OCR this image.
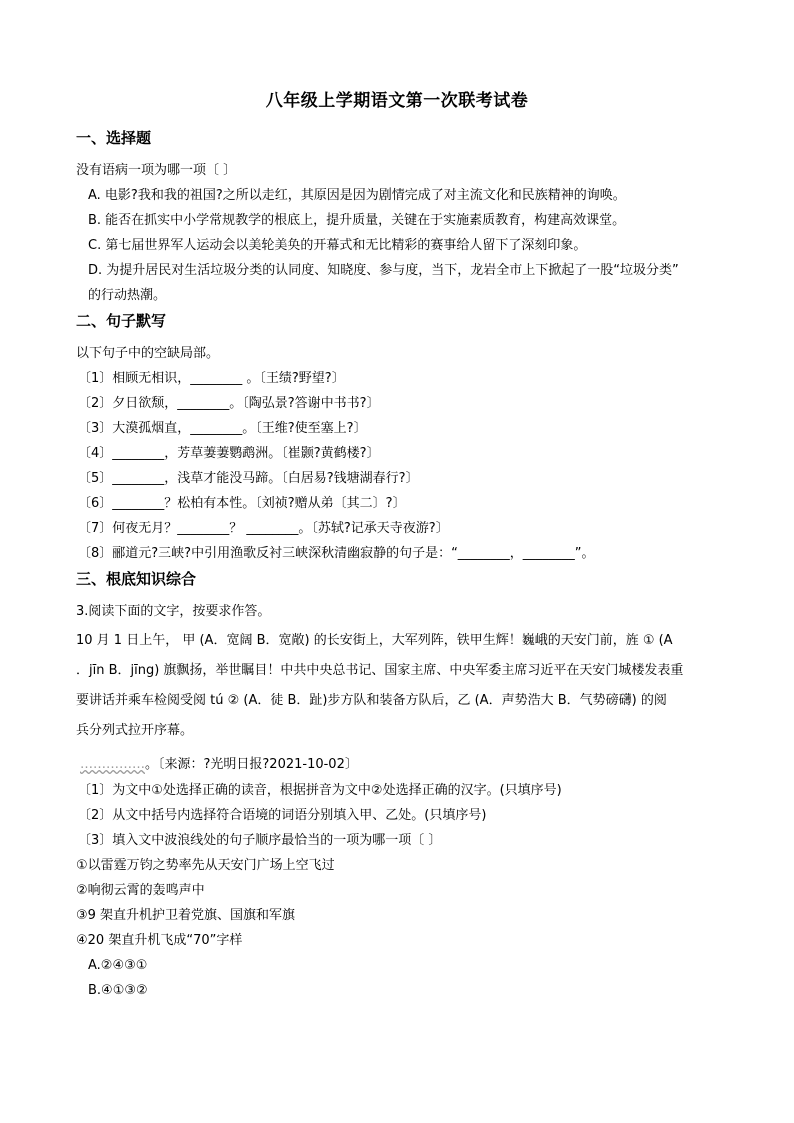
八年级上学期语文第一次联考试卷
一、选择题
没有语病一项为哪一项〔 〕
A. 电影?我和我的祖国?之所以走红，其原因是因为剧情完成了对主流文化和民族精神的询唤。
B. 能否在抓实中小学常规教学的根底上，提升质量，关键在于实施素质教育，构建高效课堂。
C. 第七届世界军人运动会以美轮美奂的开幕式和无比精彩的赛事给人留下了深刻印象。
D. 为提升居民对生活垃圾分类的认同度、知晓度、参与度，当下，龙岩全市上下掀起了一股“垃圾分类”
的行动热潮。
二、句子默写
以下句子中的空缺局部。
〔1〕相顾无相识，________ 。〔王绩?野望?〕
〔2〕夕日欲颓，________。〔陶弘景?答谢中书书?〕
〔3〕大漠孤烟直，________。〔王维?使至塞上?〕
〔4〕________，芳草萋萋鹦鹉洲。〔崔颢?黄鹤楼?〕
〔5〕________，浅草才能没马蹄。〔白居易?钱塘湖春行?〕
〔6〕________？松柏有本性。〔刘祯?赠从弟〔其二〕?〕
〔7〕何夜无月？________？ ________。〔苏轼?记承天寺夜游?〕
〔8〕郦道元?三峡?中引用渔歌反衬三峡深秋清幽寂静的句子是：“________，________”。
三、根底知识综合
3.阅读下面的文字，按要求作答。
10 月 1 日上午， 甲 (A．宽阔 B．宽敞) 的长安街上，大军列阵，铁甲生辉！巍峨的天安门前，旌 ① (A
．jīn B．jīng) 旗飘扬，举世瞩目！中共中央总书记、国家主席、中央军委主席习近平在天安门城楼发表重
要讲话并乘车检阅受阅 tú ② (A．徒 B．趾)步方队和装备方队后，乙 (A．声势浩大 B．气势磅礴) 的阅
兵分列式拉开序幕。
……………。〔来源：?光明日报?2021-10-02〕
〔1〕为文中①处选择正确的读音，根据拼音为文中②处选择正确的汉字。(只填序号)
〔2〕从文中括号内选择符合语境的词语分别填入甲、乙处。(只填序号)
〔3〕填入文中波浪线处的句子顺序最恰当的一项为哪一项〔 〕
①以雷霆万钧之势率先从天安门广场上空飞过
②响彻云霄的轰鸣声中
③9 架直升机护卫着党旗、国旗和军旗
④20 架直升机飞成“70”字样
A.②④③①
B.④①③②
